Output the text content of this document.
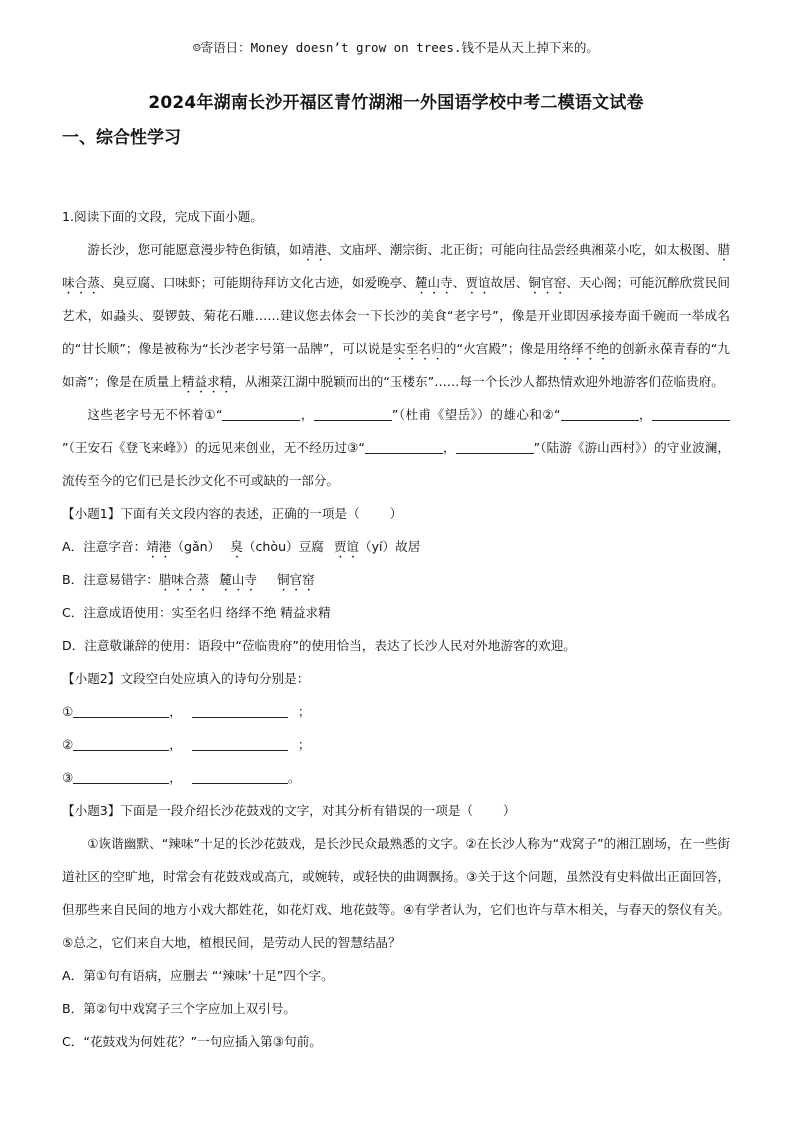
☺寄语日：Money doesn’t grow on trees.钱不是从天上掉下来的。
2024年湖南长沙开福区青竹湖湘一外国语学校中考二模语文试卷
一、综合性学习

1.阅读下面的文段，完成下面小题。

游长沙，您可能愿意漫步特色街镇，如靖港、文庙坪、潮宗街、北正街；可能向往品尝经典湘菜小吃，如太极图、腊味合蒸、臭豆腐、口味虾；可能期待拜访文化古迹，如爱晚亭、麓山寺、贾谊故居、铜官窑、天心阁；可能沉醉欣赏民间艺术，如蝨头、耍锣鼓、菊花石雕……建议您去体会一下长沙的美食“老字号”，像是开业即因承接寿面千碗而一举成名的“甘长顺”；像是被称为“长沙老字号第一品牌”，可以说是实至名归的“火宫殿”；像是用络绎不绝的创新永葆青春的“九如斋”；像是在质量上精益求精，从湘菜江湖中脱颖而出的“玉楼东”……每一个长沙人都热情欢迎外地游客们莅临贵府。

这些老字号无不怀着①“	，	”（杜甫《望岳》）的雄心和②“	，”（王安石《登飞来峰》）的远见来创业，无不经历过③“	，	”（陆游《游山西村》）的守业波澜，流传至今的它们已是长沙文化不可或缺的一部分。

【小题1】下面有关文段内容的表述，正确的一项是（ ）

A．注意字音：靖港（gǎn） 臭（chòu）豆腐 贾谊（yí）故居

B．注意易错字：腊味合蒸 麓山寺 铜官窑

C．注意成语使用：实至名归 络绎不绝 精益求精

D．注意敬谦辞的使用：语段中“莅临贵府”的使用恰当，表达了长沙人民对外地游客的欢迎。

【小题2】文段空白处应填入的诗句分别是：

①	，	；

②	，	；

③	，	。

【小题3】下面是一段介绍长沙花鼓戏的文字，对其分析有错误的一项是（ ）

①诙谐幽默、“辣味”十足的长沙花鼓戏，是长沙民众最熟悉的文字。②在长沙人称为“戏窝子”的湘江剧场，在一些街道社区的空旷地，时常会有花鼓戏或高亢，或婉转，或轻快的曲调飘扬。③关于这个问题，虽然没有史料做出正面回答，但那些来自民间的地方小戏大都姓花，如花灯戏、地花鼓等。④有学者认为，它们也许与草木相关，与春天的祭仪有关。⑤总之，它们来自大地，植根民间，是劳动人民的智慧结晶？

A．第①句有语病，应删去 “‘辣味’十足”四个字。

B．第②句中戏窝子三个字应加上双引号。

C．“花鼓戏为何姓花？”一句应插入第③句前。
